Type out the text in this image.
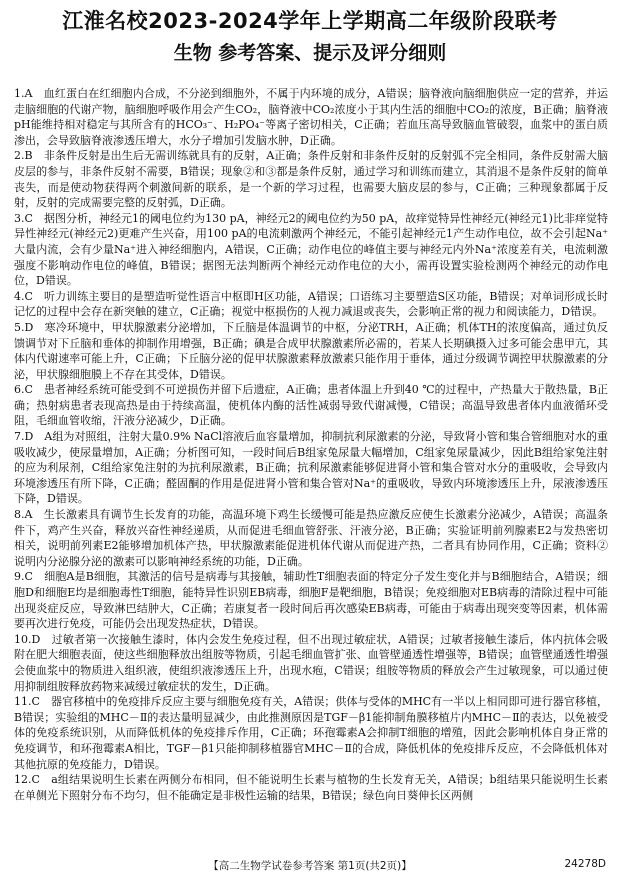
江淮名校2023-2024学年上学期高二年级阶段联考
生物 参考答案、提示及评分细则

1.A　 血红蛋白在红细胞内合成，不分泌到细胞外，不属于内环境的成分，A错误；脑脊液向脑细胞供应一定的营养，并运走脑细胞的代谢产物，脑细胞呼吸作用会产生CO₂，脑脊液中CO₂浓度小于其内生活的细胞中CO₂的浓度，B正确；脑脊液pH能维持相对稳定与其所含有的HCO₃⁻、H₂PO₄⁻等离子密切相关，C正确；若血压高导致脑血管破裂，血浆中的蛋白质渗出，会导致脑脊液渗透压增大，水分子增加引发脑水肿，D正确。

2.B　 非条件反射是出生后无需训练就具有的反射，A正确；条件反射和非条件反射的反射弧不完全相同，条件反射需大脑皮层的参与，非条件反射不需要，B错误；现象②和③都是条件反射，通过学习和训练而建立，其消退不是条件反射的简单丧失，而是使动物获得两个刺激间新的联系，是一个新的学习过程，也需要大脑皮层的参与，C正确；三种现象都属于反射，反射的完成需要完整的反射弧，D正确。

3.C　 据图分析，神经元1的阈电位约为130 pA，神经元2的阈电位约为50 pA，故痒觉特异性神经元(神经元1)比非痒觉特异性神经元(神经元2)更难产生兴奋，用100 pA的电流刺激两个神经元，不能引起神经元1产生动作电位，故不会引起Na⁺大量内流，会有少量Na⁺进入神经细胞内，A错误，C正确；动作电位的峰值主要与神经元内外Na⁺浓度差有关，电流刺激强度不影响动作电位的峰值，B错误；据图无法判断两个神经元动作电位的大小，需再设置实验检测两个神经元的动作电位，D错误。

4.C　 听力训练主要目的是塑造听觉性语言中枢即H区功能，A错误；口语练习主要塑造S区功能，B错误；对单词形成长时记忆的过程中会存在新突触的建立，C正确；视觉中枢损伤的人视力减退或丧失，会影响正常的视力和阅读能力，D错误。

5.D　 寒冷环境中，甲状腺激素分泌增加，下丘脑是体温调节的中枢，分泌TRH，A正确；机体TH的浓度偏高，通过负反馈调节对下丘脑和垂体的抑制作用增强，B正确；碘是合成甲状腺激素所必需的，若某人长期碘摄入过多可能会患甲亢，其体内代谢速率可能上升，C正确；下丘脑分泌的促甲状腺激素释放激素只能作用于垂体，通过分级调节调控甲状腺激素的分泌，甲状腺细胞膜上不存在其受体，D错误。

6.C　 患者神经系统可能受到不可逆损伤并留下后遗症，A正确；患者体温上升到40 ℃的过程中，产热量大于散热量，B正确；热射病患者表现高热是由于持续高温，使机体内酶的活性减弱导致代谢减慢，C错误；高温导致患者体内血液循环受阻，毛细血管收缩，汗液分泌减少，D正确。

7.D　 A组为对照组，注射大量0.9% NaCl溶液后血容量增加，抑制抗利尿激素的分泌，导致肾小管和集合管细胞对水的重吸收减少，使尿量增加，A正确；分析图可知，一段时间后B组家兔尿量大幅增加，C组家兔尿量减少，因此B组给家兔注射的应为利尿剂，C组给家兔注射的为抗利尿激素，B正确；抗利尿激素能够促进肾小管和集合管对水分的重吸收，会导致内环境渗透压有所下降，C正确；醛固酮的作用是促进肾小管和集合管对Na⁺的重吸收，导致内环境渗透压上升，尿液渗透压下降，D错误。

8.A　 生长激素具有调节生长发育的功能，高温环境下鸡生长缓慢可能是热应激反应使生长激素分泌减少，A错误；高温条件下，鸡产生兴奋，释放兴奋性神经递质，从而促进毛细血管舒张、汗液分泌，B正确；实验证明前列腺素E2与发热密切相关，说明前列素E2能够增加机体产热，甲状腺激素能促进机体代谢从而促进产热，二者具有协同作用，C正确；资料②说明内分泌腺分泌的激素可以影响神经系统的功能，D正确。

9.C　 细胞A是B细胞，其激活的信号是病毒与其接触，辅助性T细胞表面的特定分子发生变化并与B细胞结合，A错误；细胞D和细胞E均是细胞毒性T细胞，能特异性识别EB病毒，细胞F是靶细胞，B错误；免疫细胞对EB病毒的清除过程中可能出现炎症反应，导致淋巴结肿大，C正确；若康复者一段时间后再次感染EB病毒，可能由于病毒出现突变等因素，机体需要再次进行免疫，可能仍会出现发热症状，D错误。

10.D　 过敏者第一次接触生漆时，体内会发生免疫过程，但不出现过敏症状，A错误；过敏者接触生漆后，体内抗体会吸附在肥大细胞表面，使这些细胞释放出组胺等物质，引起毛细血管扩张、血管壁通透性增强等，B错误；血管壁通透性增强会使血浆中的物质进入组织液，使组织液渗透压上升，出现水疱，C错误；组胺等物质的释放会产生过敏现象，可以通过使用抑制组胺释放药物来减缓过敏症状的发生，D正确。

11.C　 器官移植中的免疫排斥反应主要与细胞免疫有关，A错误；供体与受体的MHC有一半以上相同即可进行器官移植，B错误；实验组的MHC－Ⅱ的表达量明显减少，由此推测原因是TGF－β1能抑制角膜移植片内MHC－Ⅱ的表达，以免被受体的免疫系统识别，从而降低机体的免疫排斥作用，C正确；环孢霉素A会抑制T细胞的增殖，因此会影响机体自身正常的免疫调节，和环孢霉素A相比，TGF－β1只能抑制移植器官MHC－Ⅱ的合成，降低机体的免疫排斥反应，不会降低机体对其他抗原的免疫能力，D错误。

12.C　 a组结果说明生长素在两侧分布相同，但不能说明生长素与植物的生长发育无关，A错误；b组结果只能说明生长素在单侧光下照射分布不均匀，但不能确定是非极性运输的结果，B错误；绿色向日葵伸长区两侧

【高二生物学试卷参考答案 第1页(共2页)】	24278D
